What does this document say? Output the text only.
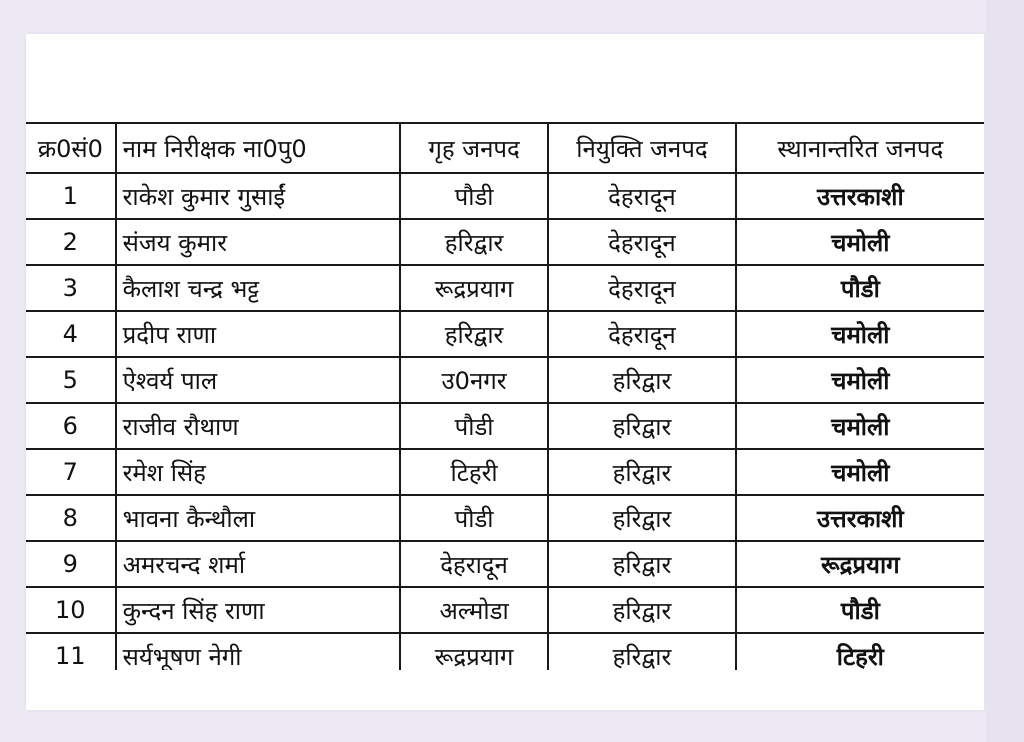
क्र0सं0	नाम निरीक्षक ना0पु0	गृह जनपद	नियुक्ति जनपद	स्थानान्तरित जनपद
1	राकेश कुमार गुसाईं	पौडी	देहरादून	उत्तरकाशी
2	संजय कुमार	हरिद्वार	देहरादून	चमोली
3	कैलाश चन्द्र भट्ट	रूद्रप्रयाग	देहरादून	पौडी
4	प्रदीप राणा	हरिद्वार	देहरादून	चमोली
5	ऐश्वर्य पाल	उ0नगर	हरिद्वार	चमोली
6	राजीव रौथाण	पौडी	हरिद्वार	चमोली
7	रमेश सिंह	टिहरी	हरिद्वार	चमोली
8	भावना कैन्थौला	पौडी	हरिद्वार	उत्तरकाशी
9	अमरचन्द शर्मा	देहरादून	हरिद्वार	रूद्रप्रयाग
10	कुन्दन सिंह राणा	अल्मोडा	हरिद्वार	पौडी
11	सर्यभूषण नेगी	रूद्रप्रयाग	हरिद्वार	टिहरी
